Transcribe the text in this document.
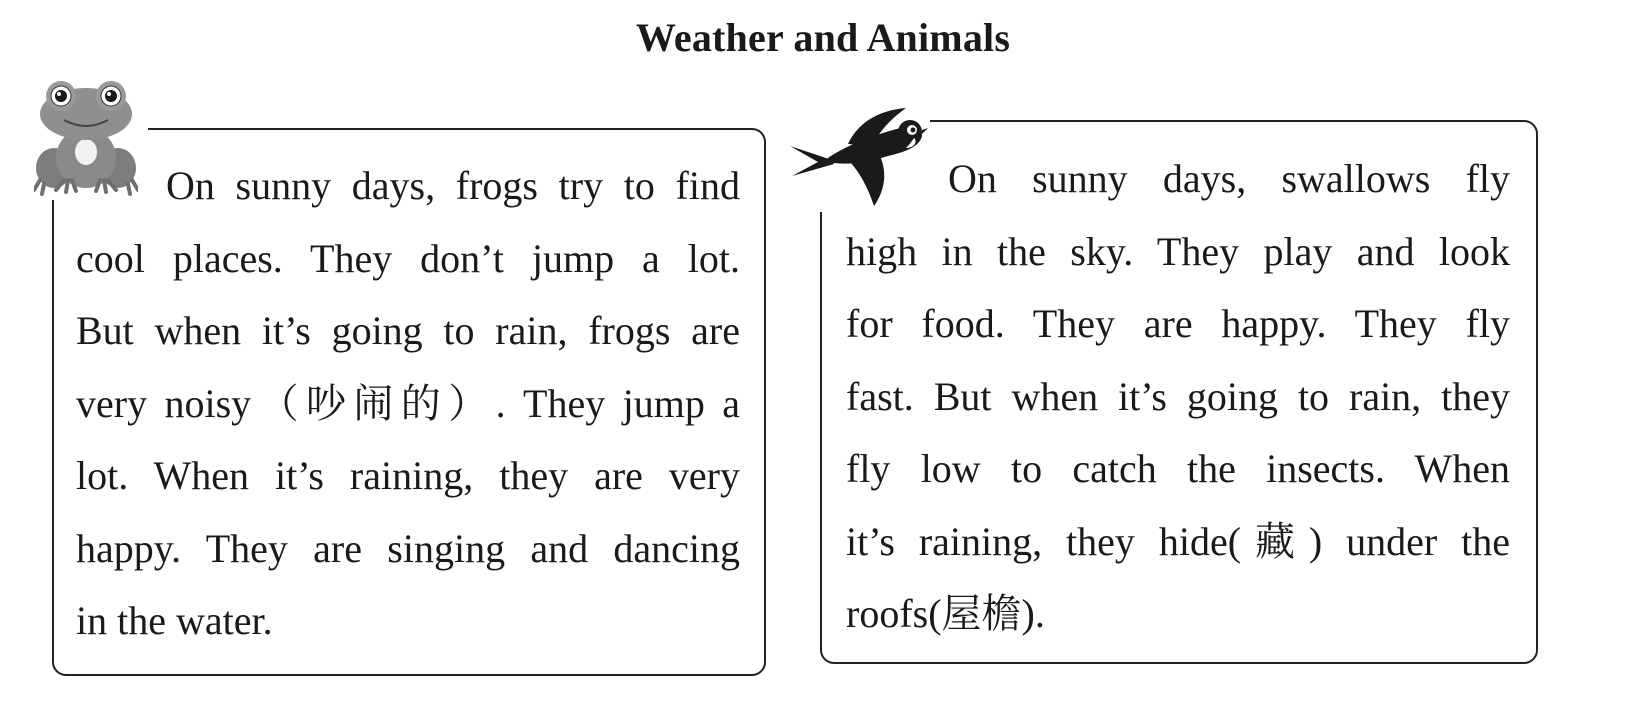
Weather and Animals
On sunny days, frogs try to find
cool places. They don’t jump a lot.
But when it’s going to rain, frogs are
very noisy（吵闹的）. They jump a
lot. When it’s raining, they are very
happy. They are singing and dancing
in the water.
On sunny days, swallows fly
high in the sky. They play and look
for food. They are happy. They fly
fast. But when it’s going to rain, they
fly low to catch the insects. When
it’s raining, they hide(藏) under the
roofs(屋檐).
